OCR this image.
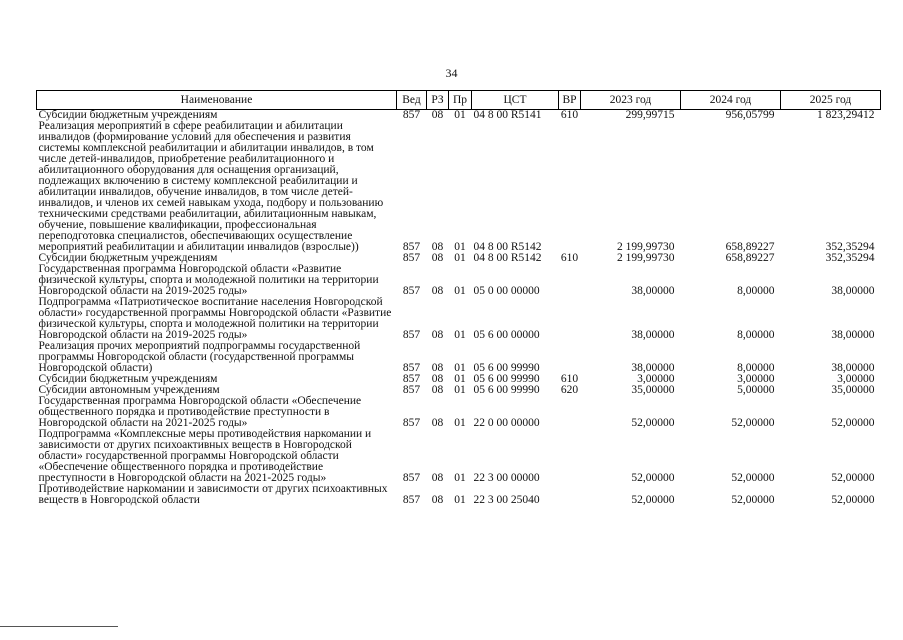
34
Наименование	Вед	РЗ	Пр	ЦСТ	ВР	2023 год	2024 год	2025 год
Субсидии бюджетным учреждениям	857	08	01	04 8 00 R5141	610	299,99715	956,05799	1 823,29412
Реализация мероприятий в сфере реабилитации и абилитации инвалидов (формирование условий для обеспечения и развития системы комплексной реабилитации и абилитации инвалидов, в том числе детей-инвалидов, приобретение реабилитационного и абилитационного оборудования для оснащения организаций, подлежащих включению в систему комплексной реабилитации и абилитации инвалидов, обучение инвалидов, в том числе детей-инвалидов, и членов их семей навыкам ухода, подбору и пользованию техническими средствами реабилитации, абилитационным навыкам, обучение, повышение квалификации, профессиональная переподготовка специалистов, обеспечивающих осуществление мероприятий реабилитации и абилитации инвалидов (взрослые))	857	08	01	04 8 00 R5142		2 199,99730	658,89227	352,35294
Субсидии бюджетным учреждениям	857	08	01	04 8 00 R5142	610	2 199,99730	658,89227	352,35294
Государственная программа Новгородской области «Развитие физической культуры, спорта и молодежной политики на территории Новгородской области на 2019-2025 годы»	857	08	01	05 0 00 00000		38,00000	8,00000	38,00000
Подпрограмма «Патриотическое воспитание населения Новгородской области» государственной программы Новгородской области «Развитие физической культуры, спорта и молодежной политики на территории Новгородской области на 2019-2025 годы»	857	08	01	05 6 00 00000		38,00000	8,00000	38,00000
Реализация прочих мероприятий подпрограммы государственной программы Новгородской области (государственной программы Новгородской области)	857	08	01	05 6 00 99990		38,00000	8,00000	38,00000
Субсидии бюджетным учреждениям	857	08	01	05 6 00 99990	610	3,00000	3,00000	3,00000
Субсидии автономным учреждениям	857	08	01	05 6 00 99990	620	35,00000	5,00000	35,00000
Государственная программа Новгородской области «Обеспечение общественного порядка и противодействие преступности в Новгородской области на 2021-2025 годы»	857	08	01	22 0 00 00000		52,00000	52,00000	52,00000
Подпрограмма «Комплексные меры противодействия наркомании и зависимости от других психоактивных веществ в Новгородской области» государственной программы Новгородской области «Обеспечение общественного порядка и противодействие преступности в Новгородской области на 2021-2025 годы»	857	08	01	22 3 00 00000		52,00000	52,00000	52,00000
Противодействие наркомании и зависимости от других психоактивных веществ в Новгородской области	857	08	01	22 3 00 25040		52,00000	52,00000	52,00000
